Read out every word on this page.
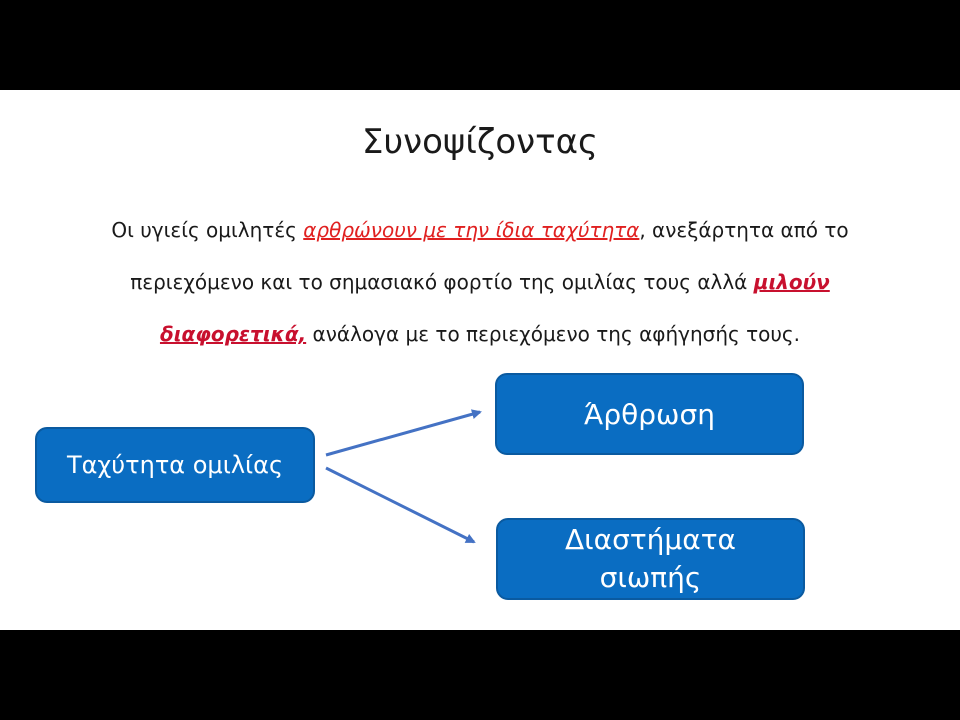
Συνοψίζοντας
Οι υγιείς ομιλητές αρθρώνουν με την ίδια ταχύτητα, ανεξάρτητα από το περιεχόμενο και το σημασιακό φορτίο της ομιλίας τους αλλά μιλούν διαφορετικά, ανάλογα με το περιεχόμενο της αφήγησής τους.
Ταχύτητα ομιλίας
Άρθρωση
Διαστήματα
σιωπής
